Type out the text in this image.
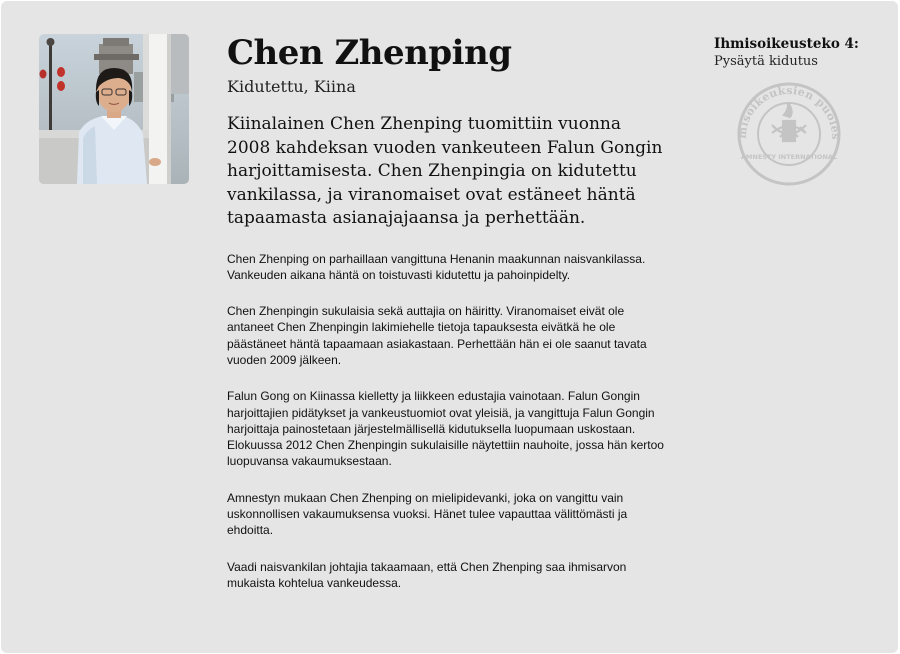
Chen Zhenping
Kidutettu, Kiina
Kiinalainen Chen Zhenping tuomittiin vuonna 2008 kahdeksan vuoden vankeuteen Falun Gongin harjoittamisesta. Chen Zhenpingia on kidutettu vankilassa, ja viranomaiset ovat estäneet häntä tapaamasta asianajajaansa ja perhettään.

Chen Zhenping on parhaillaan vangittuna Henanin maakunnan naisvankilassa. Vankeuden aikana häntä on toistuvasti kidutettu ja pahoinpidelty.

Chen Zhenpingin sukulaisia sekä auttajia on häiritty. Viranomaiset eivät ole antaneet Chen Zhenpingin lakimiehelle tietoja tapauksesta eivätkä he ole päästäneet häntä tapaamaan asiakastaan. Perhettään hän ei ole saanut tavata vuoden 2009 jälkeen.

Falun Gong on Kiinassa kielletty ja liikkeen edustajia vainotaan. Falun Gongin harjoittajien pidätykset ja vankeustuomiot ovat yleisiä, ja vangittuja Falun Gongin harjoittaja painostetaan järjestelmällisellä kidutuksella luopumaan uskostaan. Elokuussa 2012 Chen Zhenpingin sukulaisille näytettiin nauhoite, jossa hän kertoo luopuvansa vakaumuksestaan.

Amnestyn mukaan Chen Zhenping on mielipidevanki, joka on vangittu vain uskonnollisen vakaumuksensa vuoksi. Hänet tulee vapauttaa välittömästi ja ehdoitta.

Vaadi naisvankilan johtajia takaamaan, että Chen Zhenping saa ihmisarvon mukaista kohtelua vankeudessa.

Ihmisoikeusteko 4:
Pysäytä kidutus
misoikeuksien puoles
AMNESTY INTERNATIONAL
